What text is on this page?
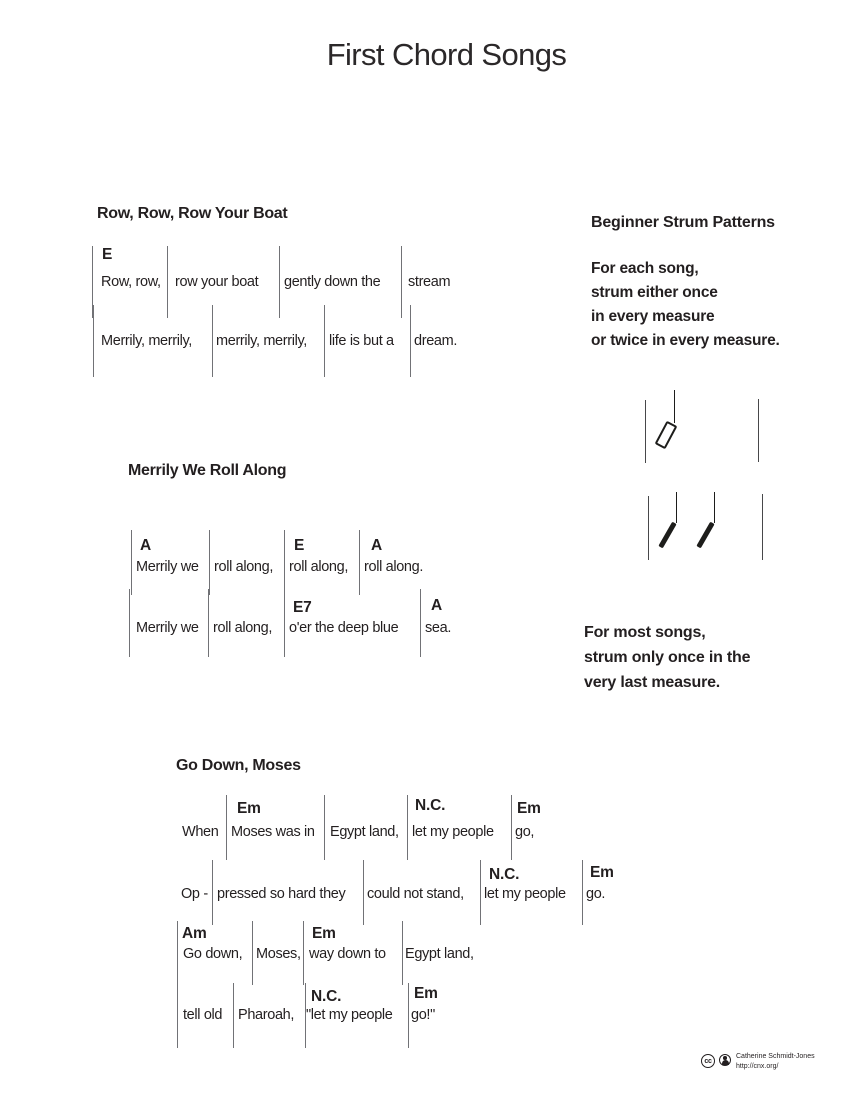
First Chord Songs
Row, Row, Row Your Boat
E
Row, row, row your boat gently down the stream
Merrily, merrily, merrily, merrily, life is but a dream.
Beginner Strum Patterns
For each song,
strum either once
in every measure
or twice in every measure.
For most songs,
strum only once in the
very last measure.
Merrily We Roll Along
A	E	A
Merrily we roll along, roll along, roll along.
E7	A
Merrily we roll along, o'er the deep blue sea.
Go Down, Moses
Em	N.C.	Em
When Moses was in Egypt land, let my people go,
N.C.	Em
Op - pressed so hard they could not stand, let my people go.
Am	Em
Go down, Moses, way down to Egypt land,
N.C.	Em
tell old Pharoah, "let my people go!"
cc
Catherine Schmidt-Jones
http://cnx.org/
